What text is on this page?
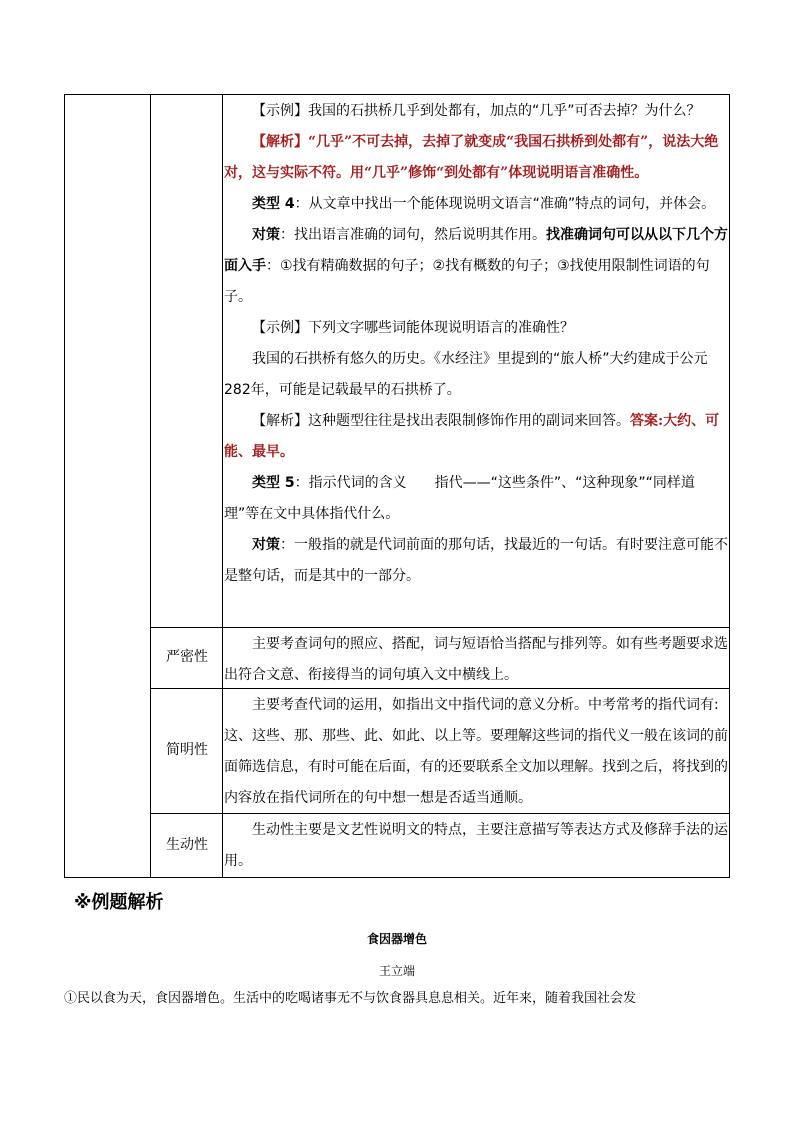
【示例】我国的石拱桥几乎到处都有，加点的“几乎”可否去掉？为什么？

【解析】“几乎”不可去掉，去掉了就变成“我国石拱桥到处都有”，说法大绝对，这与实际不符。用“几乎”修饰“到处都有”体现说明语言准确性。

类型 4：从文章中找出一个能体现说明文语言“准确”特点的词句，并体会。

对策：找出语言准确的词句，然后说明其作用。找准确词句可以从以下几个方面入手：①找有精确数据的句子；②找有概数的句子；③找使用限制性词语的句子。

【示例】下列文字哪些词能体现说明语言的准确性？

我国的石拱桥有悠久的历史。《水经注》里提到的“旅人桥”大约建成于公元282年，可能是记载最早的石拱桥了。

【解析】这种题型往往是找出表限制修饰作用的副词来回答。答案:大约、可能、最早。

类型 5：指示代词的含义　　指代——“这些条件”、“这种现象”“同样道理”等在文中具体指代什么。

对策：一般指的就是代词前面的那句话，找最近的一句话。有时要注意可能不是整句话，而是其中的一部分。

严密性

主要考查词句的照应、搭配，词与短语恰当搭配与排列等。如有些考题要求选出符合文意、衔接得当的词句填入文中横线上。

简明性

主要考查代词的运用，如指出文中指代词的意义分析。中考常考的指代词有:这、这些、那、那些、此、如此、以上等。要理解这些词的指代义一般在该词的前面筛选信息，有时可能在后面，有的还要联系全文加以理解。找到之后，将找到的内容放在指代词所在的句中想一想是否适当通顺。

生动性

生动性主要是文艺性说明文的特点，主要注意描写等表达方式及修辞手法的运用。

※例题解析
食因器增色
王立端
①民以食为天，食因器增色。生活中的吃喝诸事无不与饮食器具息息相关。近年来，随着我国社会发
